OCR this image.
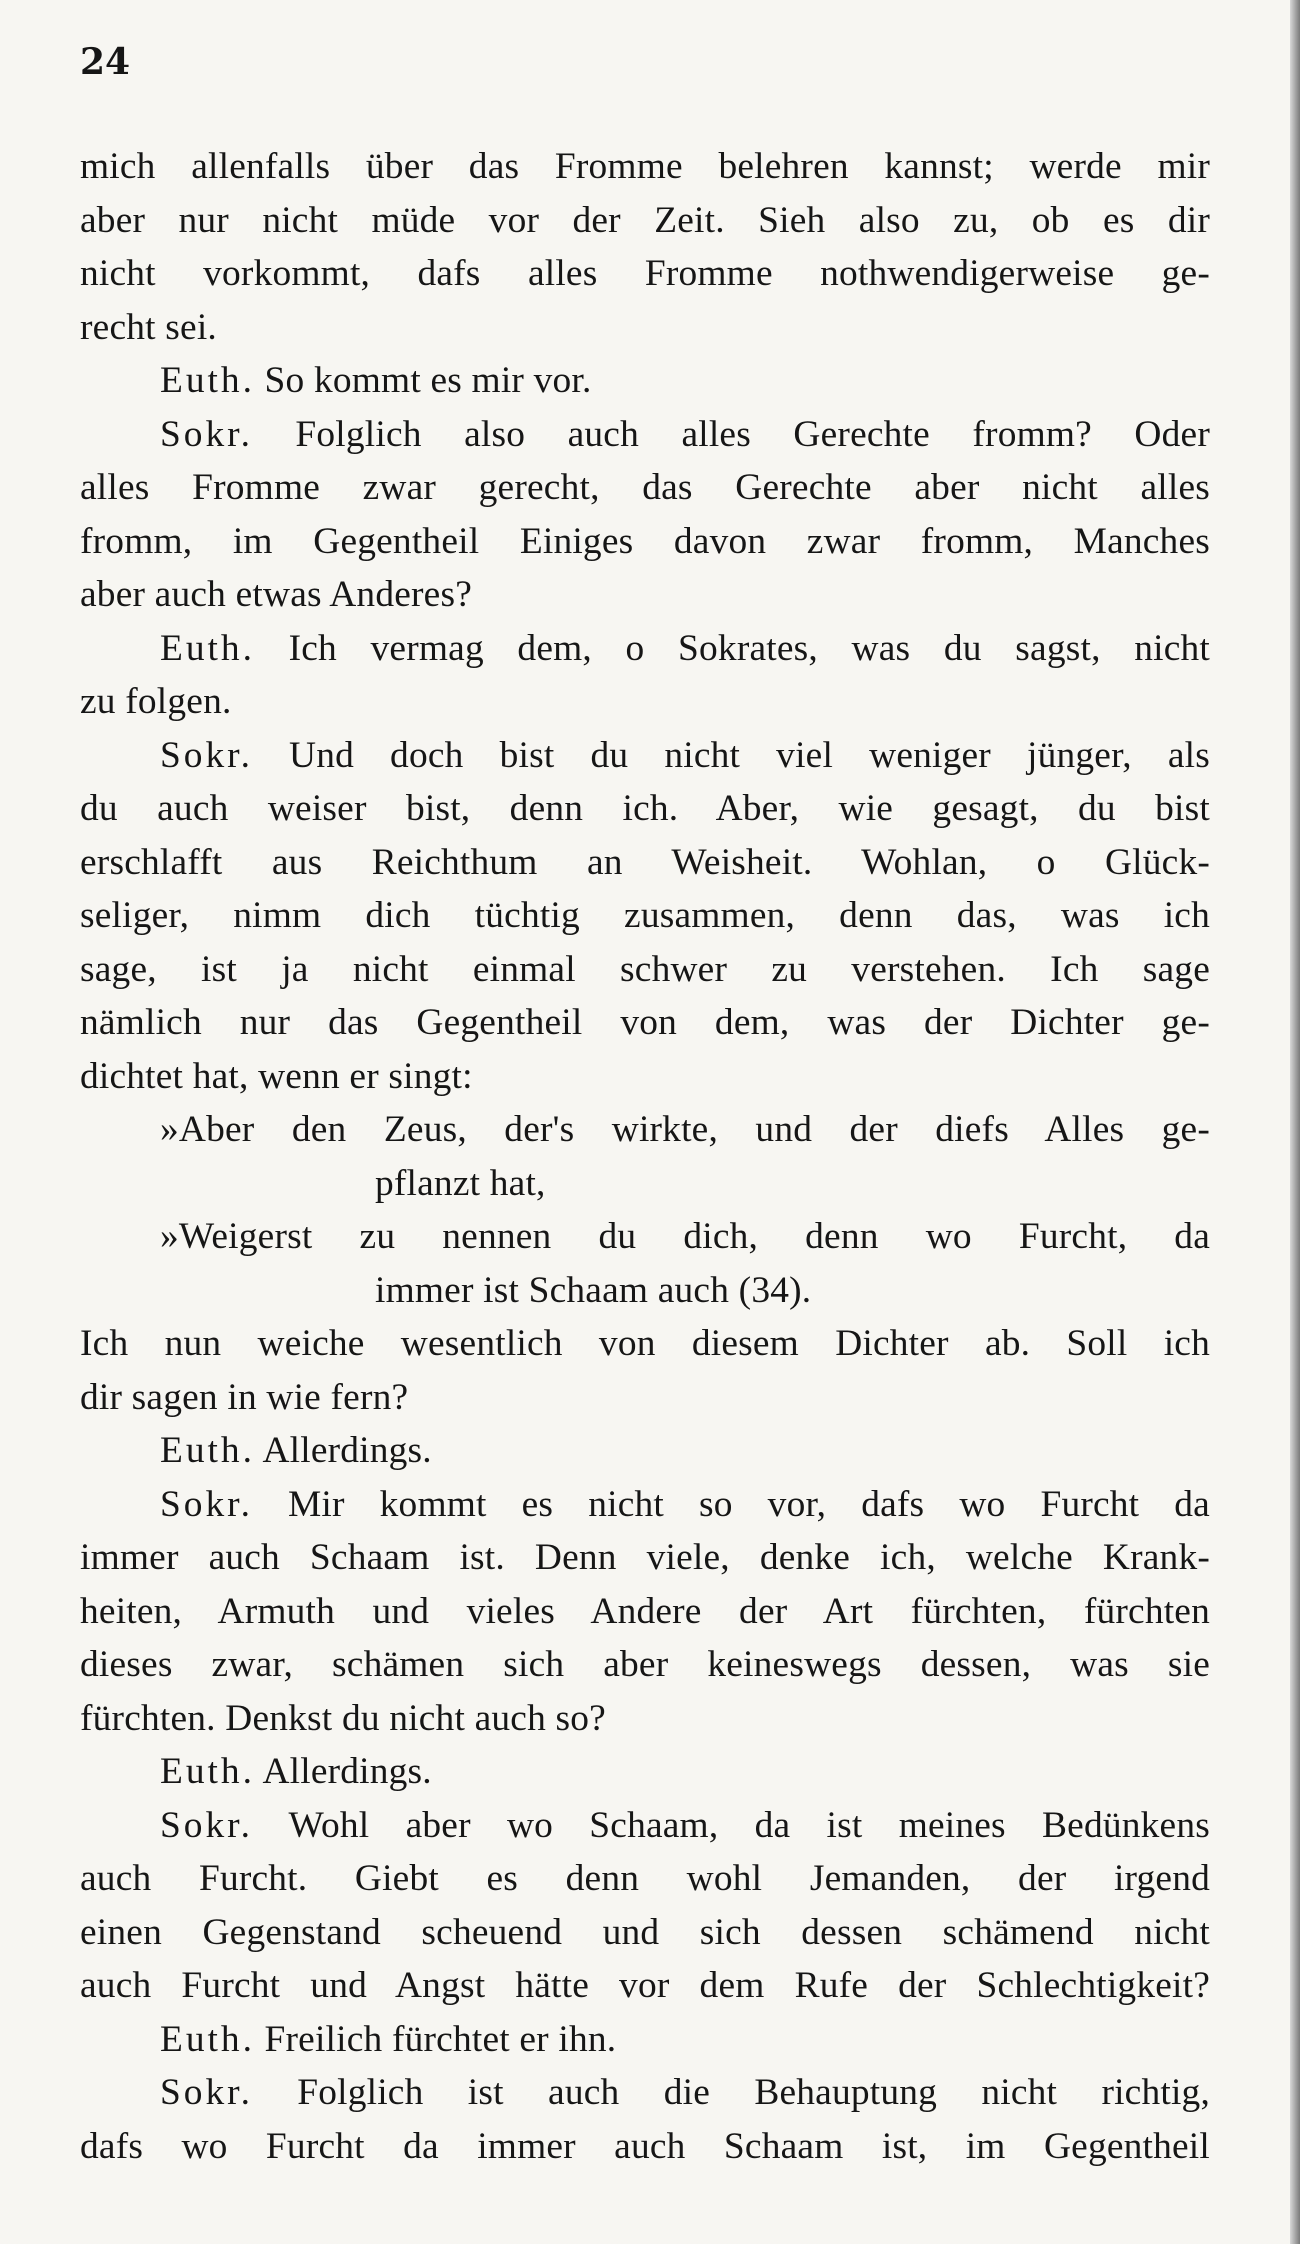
24
mich allenfalls über das Fromme belehren kannst; werde mir
aber nur nicht müde vor der Zeit. Sieh also zu, ob es dir
nicht vorkommt, dafs alles Fromme nothwendigerweise ge-
recht sei.
Euth. So kommt es mir vor.
Sokr. Folglich also auch alles Gerechte fromm? Oder
alles Fromme zwar gerecht, das Gerechte aber nicht alles
fromm, im Gegentheil Einiges davon zwar fromm, Manches
aber auch etwas Anderes?
Euth. Ich vermag dem, o Sokrates, was du sagst, nicht
zu folgen.
Sokr. Und doch bist du nicht viel weniger jünger, als
du auch weiser bist, denn ich. Aber, wie gesagt, du bist
erschlafft aus Reichthum an Weisheit. Wohlan, o Glück-
seliger, nimm dich tüchtig zusammen, denn das, was ich
sage, ist ja nicht einmal schwer zu verstehen. Ich sage
nämlich nur das Gegentheil von dem, was der Dichter ge-
dichtet hat, wenn er singt:
»Aber den Zeus, der's wirkte, und der diefs Alles ge-
pflanzt hat,
»Weigerst zu nennen du dich, denn wo Furcht, da
immer ist Schaam auch (34).
Ich nun weiche wesentlich von diesem Dichter ab. Soll ich
dir sagen in wie fern?
Euth. Allerdings.
Sokr. Mir kommt es nicht so vor, dafs wo Furcht da
immer auch Schaam ist. Denn viele, denke ich, welche Krank-
heiten, Armuth und vieles Andere der Art fürchten, fürchten
dieses zwar, schämen sich aber keineswegs dessen, was sie
fürchten. Denkst du nicht auch so?
Euth. Allerdings.
Sokr. Wohl aber wo Schaam, da ist meines Bedünkens
auch Furcht. Giebt es denn wohl Jemanden, der irgend
einen Gegenstand scheuend und sich dessen schämend nicht
auch Furcht und Angst hätte vor dem Rufe der Schlechtigkeit?
Euth. Freilich fürchtet er ihn.
Sokr. Folglich ist auch die Behauptung nicht richtig,
dafs wo Furcht da immer auch Schaam ist, im Gegentheil
